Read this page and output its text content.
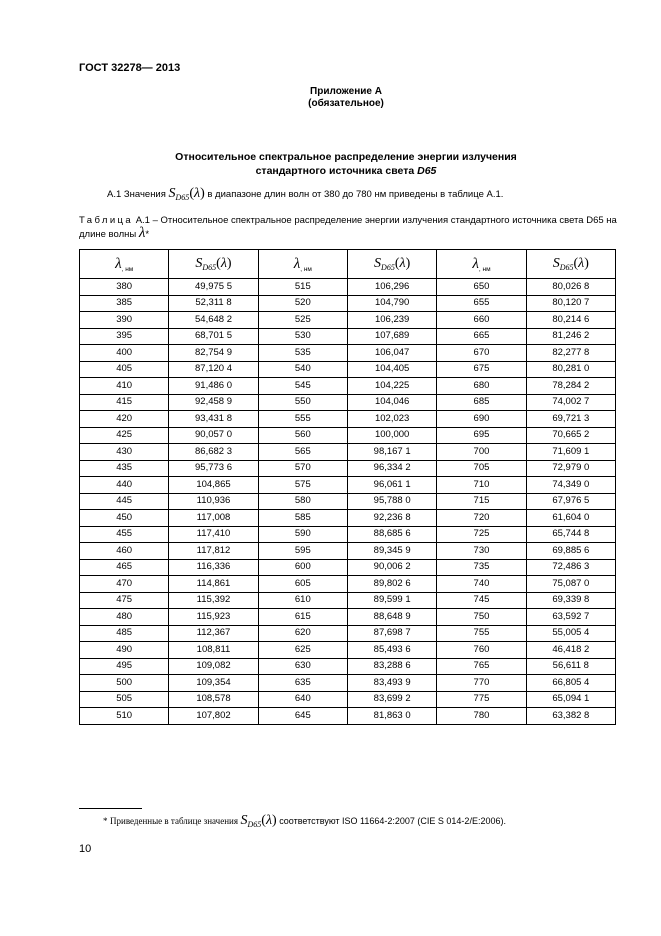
ГОСТ 32278— 2013
Приложение А
(обязательное)
Относительное спектральное распределение энергии излучения
стандартного источника света D65
А.1 Значения $S_{D65}(\lambda)$ в диапазоне длин волн от 380 до 780 нм приведены в таблице А.1.
Таблица А.1 – Относительное спектральное распределение энергии излучения стандартного источника света D65 на длине волны λ*
$\lambda_{, нм}$	$S_{D65}(\lambda)$	$\lambda_{, нм}$	$S_{D65}(\lambda)$	$\lambda_{, нм}$	$S_{D65}(\lambda)$
380	49,975 5	515	106,296	650	80,026 8
385	52,311 8	520	104,790	655	80,120 7
390	54,648 2	525	106,239	660	80,214 6
395	68,701 5	530	107,689	665	81,246 2
400	82,754 9	535	106,047	670	82,277 8
405	87,120 4	540	104,405	675	80,281 0
410	91,486 0	545	104,225	680	78,284 2
415	92,458 9	550	104,046	685	74,002 7
420	93,431 8	555	102,023	690	69,721 3
425	90,057 0	560	100,000	695	70,665 2
430	86,682 3	565	98,167 1	700	71,609 1
435	95,773 6	570	96,334 2	705	72,979 0
440	104,865	575	96,061 1	710	74,349 0
445	110,936	580	95,788 0	715	67,976 5
450	117,008	585	92,236 8	720	61,604 0
455	117,410	590	88,685 6	725	65,744 8
460	117,812	595	89,345 9	730	69,885 6
465	116,336	600	90,006 2	735	72,486 3
470	114,861	605	89,802 6	740	75,087 0
475	115,392	610	89,599 1	745	69,339 8
480	115,923	615	88,648 9	750	63,592 7
485	112,367	620	87,698 7	755	55,005 4
490	108,811	625	85,493 6	760	46,418 2
495	109,082	630	83,288 6	765	56,611 8
500	109,354	635	83,493 9	770	66,805 4
505	108,578	640	83,699 2	775	65,094 1
510	107,802	645	81,863 0	780	63,382 8
* Приведенные в таблице значения $S_{D65}(\lambda)$ соответствуют ISO 11664-2:2007 (CIE S 014-2/E:2006).
10
